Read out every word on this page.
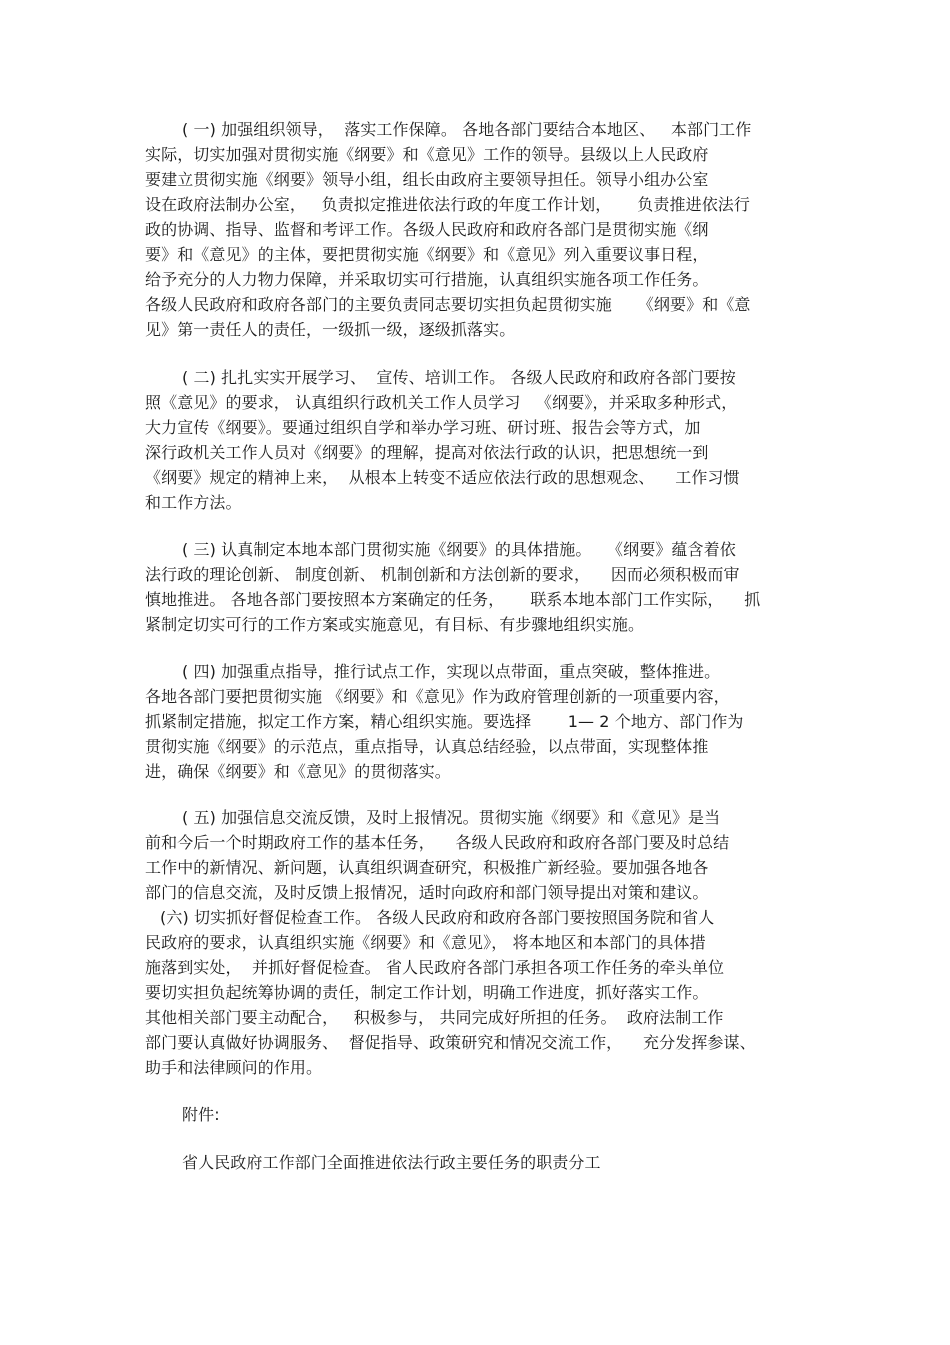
( 一) 加强组织领导，  落实工作保障。 各地各部门要结合本地区、   本部门工作
实际，切实加强对贯彻实施《纲要》和《意见》工作的领导。县级以上人民政府
要建立贯彻实施《纲要》领导小组，组长由政府主要领导担任。领导小组办公室
设在政府法制办公室，   负责拟定推进依法行政的年度工作计划，     负责推进依法行
政的协调、指导、监督和考评工作。各级人民政府和政府各部门是贯彻实施《纲
要》和《意见》的主体，要把贯彻实施《纲要》和《意见》列入重要议事日程，
给予充分的人力物力保障，并采取切实可行措施，认真组织实施各项工作任务。
各级人民政府和政府各部门的主要负责同志要切实担负起贯彻实施     《纲要》和《意
见》第一责任人的责任，一级抓一级，逐级抓落实。
( 二) 扎扎实实开展学习、  宣传、培训工作。 各级人民政府和政府各部门要按
照《意见》的要求， 认真组织行政机关工作人员学习   《纲要》，并采取多种形式，
大力宣传《纲要》。要通过组织自学和举办学习班、研讨班、报告会等方式，加
深行政机关工作人员对《纲要》的理解，提高对依法行政的认识，把思想统一到
《纲要》规定的精神上来，  从根本上转变不适应依法行政的思想观念、    工作习惯
和工作方法。
( 三) 认真制定本地本部门贯彻实施《纲要》的具体措施。   《纲要》蕴含着依
法行政的理论创新、 制度创新、 机制创新和方法创新的要求，    因而必须积极而审
慎地推进。 各地各部门要按照本方案确定的任务，     联系本地本部门工作实际，    抓
紧制定切实可行的工作方案或实施意见，有目标、有步骤地组织实施。
( 四) 加强重点指导，推行试点工作，实现以点带面，重点突破，整体推进。
各地各部门要把贯彻实施 《纲要》和《意见》作为政府管理创新的一项重要内容，
抓紧制定措施，拟定工作方案，精心组织实施。要选择       1— 2 个地方、部门作为
贯彻实施《纲要》的示范点，重点指导，认真总结经验，以点带面，实现整体推
进，确保《纲要》和《意见》的贯彻落实。
( 五) 加强信息交流反馈，及时上报情况。贯彻实施《纲要》和《意见》是当
前和今后一个时期政府工作的基本任务，    各级人民政府和政府各部门要及时总结
工作中的新情况、新问题，认真组织调查研究，积极推广新经验。要加强各地各
部门的信息交流，及时反馈上报情况，适时向政府和部门领导提出对策和建议。
(六) 切实抓好督促检查工作。 各级人民政府和政府各部门要按照国务院和省人
民政府的要求，认真组织实施《纲要》和《意见》， 将本地区和本部门的具体措
施落到实处，  并抓好督促检查。 省人民政府各部门承担各项工作任务的牵头单位
要切实担负起统筹协调的责任，制定工作计划，明确工作进度，抓好落实工作。
其他相关部门要主动配合，   积极参与， 共同完成好所担的任务。  政府法制工作
部门要认真做好协调服务、  督促指导、政策研究和情况交流工作，    充分发挥参谋、
助手和法律顾问的作用。
附件:
省人民政府工作部门全面推进依法行政主要任务的职责分工
